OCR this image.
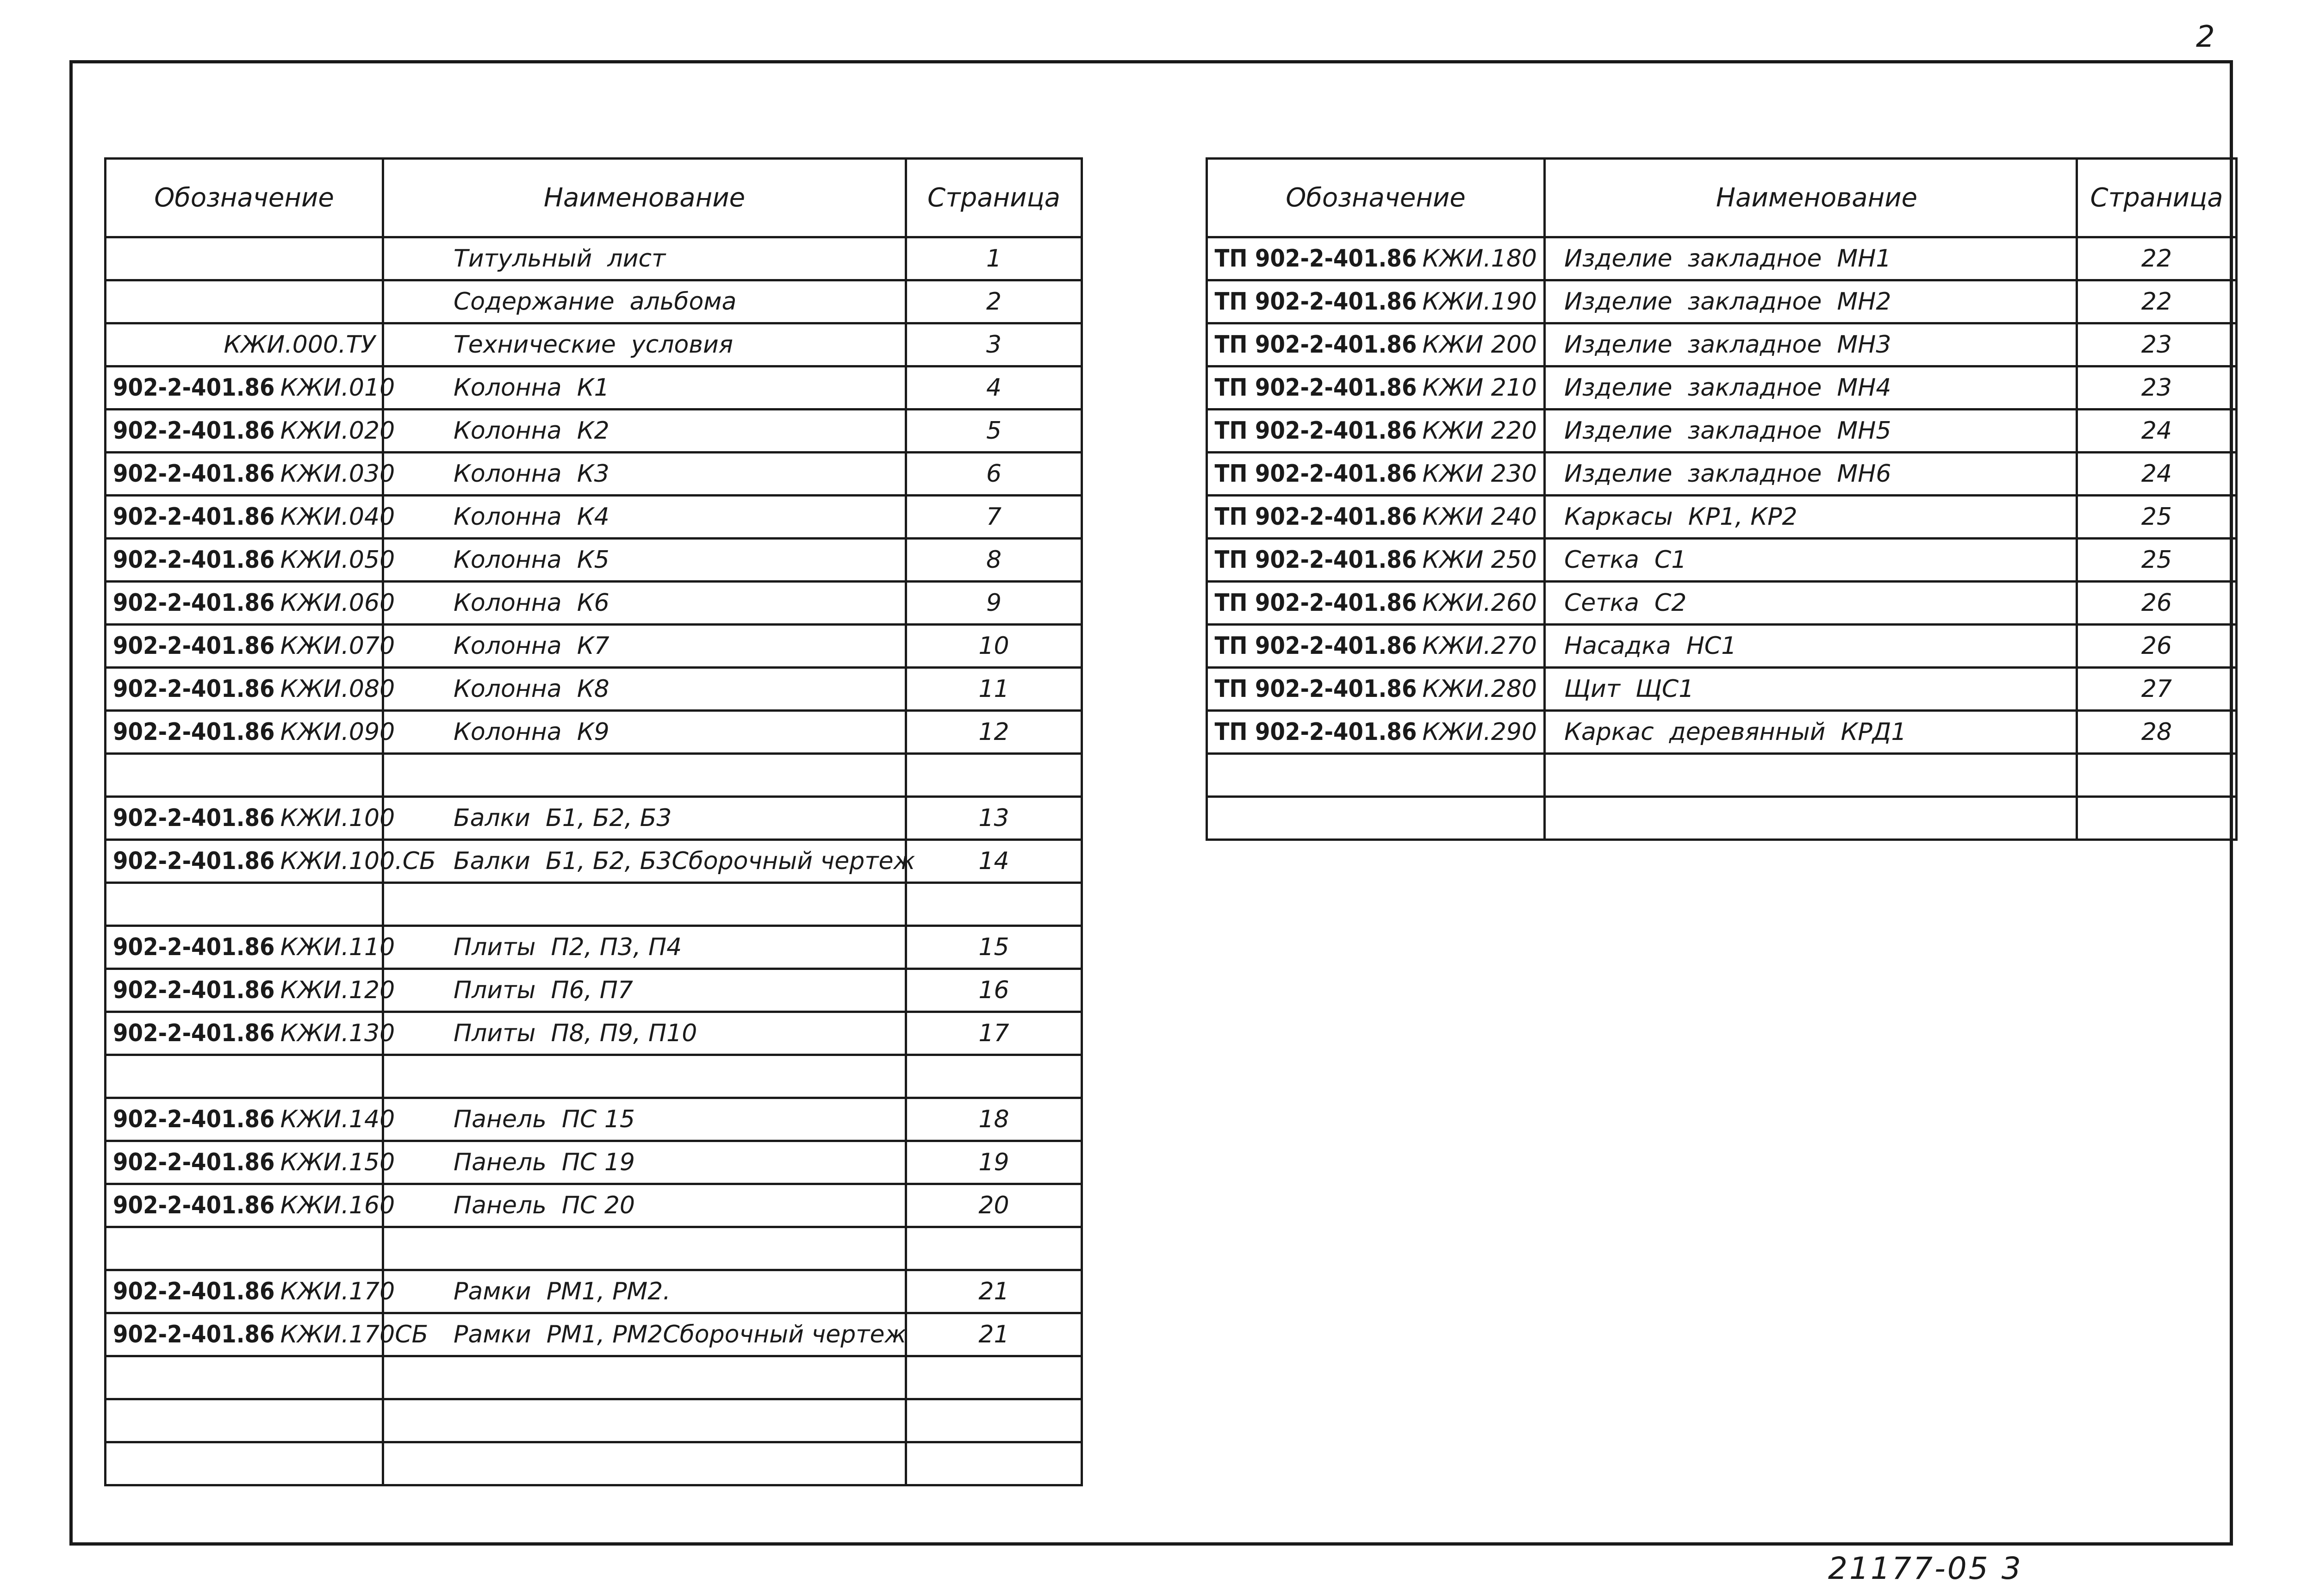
2
Обозначение	Наименование	Страница
	Титульный  лист	1
	Содержание  альбома	2
КЖИ.000.ТУ	Технические  условия	3
902-2-401.86 КЖИ.010	Колонна  К1	4
902-2-401.86 КЖИ.020	Колонна  К2	5
902-2-401.86 КЖИ.030	Колонна  К3	6
902-2-401.86 КЖИ.040	Колонна  К4	7
902-2-401.86 КЖИ.050	Колонна  К5	8
902-2-401.86 КЖИ.060	Колонна  К6	9
902-2-401.86 КЖИ.070	Колонна  К7	10
902-2-401.86 КЖИ.080	Колонна  К8	11
902-2-401.86 КЖИ.090	Колонна  К9	12

902-2-401.86 КЖИ.100	Балки  Б1, Б2, Б3	13
902-2-401.86 КЖИ.100.СБ	Балки  Б1, Б2, Б3Сборочный чертеж	14

902-2-401.86 КЖИ.110	Плиты  П2, П3, П4	15
902-2-401.86 КЖИ.120	Плиты  П6, П7	16
902-2-401.86 КЖИ.130	Плиты  П8, П9, П10	17

902-2-401.86 КЖИ.140	Панель  ПС 15	18
902-2-401.86 КЖИ.150	Панель  ПС 19	19
902-2-401.86 КЖИ.160	Панель  ПС 20	20

902-2-401.86 КЖИ.170	Рамки  РМ1, РМ2.	21
902-2-401.86 КЖИ.170СБ	Рамки  РМ1, РМ2Сборочный чертеж	21

Обозначение	Наименование	Страница
ТП 902-2-401.86 КЖИ.180	Изделие  закладное  МН1	22
ТП 902-2-401.86 КЖИ.190	Изделие  закладное  МН2	22
ТП 902-2-401.86 КЖИ 200	Изделие  закладное  МН3	23
ТП 902-2-401.86 КЖИ 210	Изделие  закладное  МН4	23
ТП 902-2-401.86 КЖИ 220	Изделие  закладное  МН5	24
ТП 902-2-401.86 КЖИ 230	Изделие  закладное  МН6	24
ТП 902-2-401.86 КЖИ 240	Каркасы  КР1, КР2	25
ТП 902-2-401.86 КЖИ 250	Сетка  С1	25
ТП 902-2-401.86 КЖИ.260	Сетка  С2	26
ТП 902-2-401.86 КЖИ.270	Насадка  НС1	26
ТП 902-2-401.86 КЖИ.280	Щит  ЩС1	27
ТП 902-2-401.86 КЖИ.290	Каркас  деревянный  КРД1	28

21177-05 3
